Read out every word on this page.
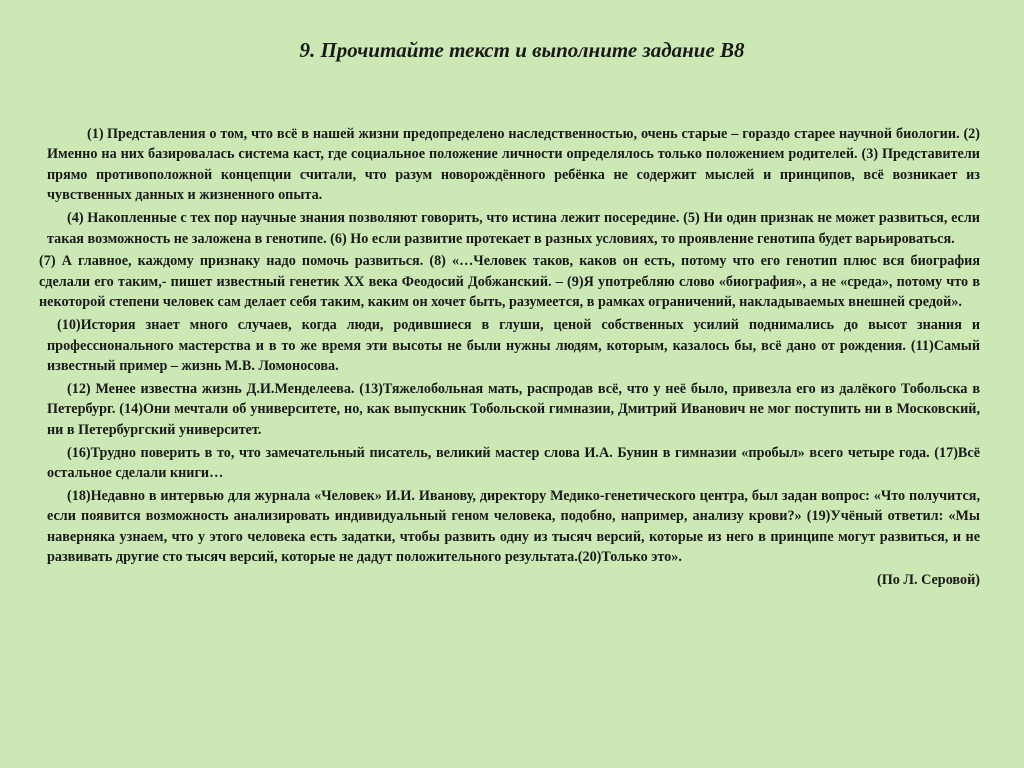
9. Прочитайте текст и выполните задание В8

(1) Представления о том, что всё в нашей жизни предопределено наследственностью, очень старые – гораздо старее научной биологии. (2) Именно на них базировалась система каст, где социальное положение личности определялось только положением родителей. (3) Представители прямо противоположной концепции считали, что разум новорождённого ребёнка не содержит мыслей и принципов, всё возникает из чувственных данных и жизненного опыта.

(4) Накопленные с тех пор научные знания позволяют говорить, что истина лежит посередине. (5) Ни один признак не может развиться, если такая возможность не заложена в генотипе. (6) Но если развитие протекает в разных условиях, то проявление генотипа будет варьироваться.

(7) А главное, каждому признаку надо помочь развиться. (8) «…Человек таков, каков он есть, потому что его генотип плюс вся биография сделали его таким,- пишет известный генетик ХХ века Феодосий Добжанский. – (9)Я употребляю слово «биография», а не «среда», потому что в некоторой степени человек сам делает себя таким, каким он хочет быть, разумеется, в рамках ограничений, накладываемых внешней средой».

(10)История знает много случаев, когда люди, родившиеся в глуши, ценой собственных усилий поднимались до высот знания и профессионального мастерства и в то же время эти высоты не были нужны людям, которым, казалось бы, всё дано от рождения. (11)Самый известный пример – жизнь М.В. Ломоносова.

(12) Менее известна жизнь Д.И.Менделеева. (13)Тяжелобольная мать, распродав всё, что у неё было, привезла его из далёкого Тобольска в Петербург. (14)Они мечтали об университете, но, как выпускник Тобольской гимназии, Дмитрий Иванович не мог поступить ни в Московский, ни в Петербургский университет.

(16)Трудно поверить в то, что замечательный писатель, великий мастер слова И.А. Бунин в гимназии «пробыл» всего четыре года. (17)Всё остальное сделали книги…

(18)Недавно в интервью для журнала «Человек» И.И. Иванову, директору Медико-генетического центра, был задан вопрос: «Что получится, если появится возможность анализировать индивидуальный геном человека, подобно, например, анализу крови?» (19)Учёный ответил: «Мы наверняка узнаем, что у этого человека есть задатки, чтобы развить одну из тысяч версий, которые из него в принципе могут развиться, и не развивать другие сто тысяч версий, которые не дадут положительного результата.(20)Только это».

(По Л. Серовой)
